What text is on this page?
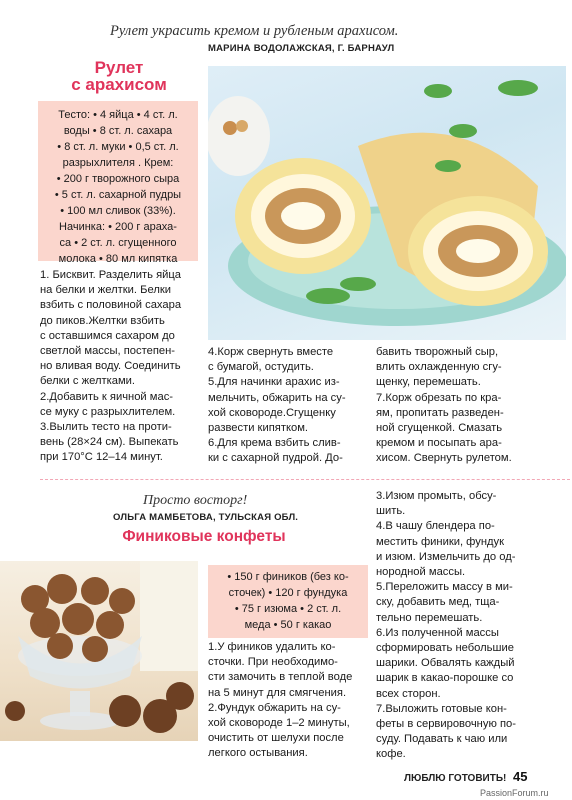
Рулет украсить кремом и рубленым арахисом.
МАРИНА ВОДОЛАЖСКАЯ, Г. БАРНАУЛ
Рулет
с арахисом
Тесто: • 4 яйца • 4 ст. л.
воды • 8 ст. л. сахара
• 8 ст. л. муки • 0,5 ст. л.
разрыхлителя . Крем:
• 200 г творожного сыра
• 5 ст. л. сахарной пудры
• 100 мл сливок (33%).
Начинка: • 200 г араха-
са • 2 ст. л. сгущенного
молока • 80 мл кипятка
1. Бисквит. Разделить яйца
на белки и желтки. Белки
взбить с половиной сахара
до пиков.Желтки взбить
с оставшимся сахаром до
светлой массы, постепен-
но вливая воду. Соединить
белки с желтками.
2.Добавить к яичной мас-
се муку с разрыхлителем.
3.Вылить тесто на проти-
вень (28×24 см). Выпекать
при 170°С 12–14 минут.
4.Корж свернуть вместе
с бумагой, остудить.
5.Для начинки арахис из-
мельчить, обжарить на су-
хой сковороде.Сгущенку
развести кипятком.
6.Для крема взбить слив-
ки с сахарной пудрой. До-
бавить творожный сыр,
влить охлажденную сгу-
щенку, перемешать.
7.Корж обрезать по кра-
ям, пропитать разведен-
ной сгущенкой. Смазать
кремом и посыпать ара-
хисом. Свернуть рулетом.
Просто восторг!
ОЛЬГА МАМБЕТОВА, ТУЛЬСКАЯ ОБЛ.
Финиковые конфеты
• 150 г фиников (без ко-
сточек) • 120 г фундука
• 75 г изюма • 2 ст. л.
меда • 50 г какао
1.У фиников удалить ко-
сточки. При необходимо-
сти замочить в теплой воде
на 5 минут для смягчения.
2.Фундук обжарить на су-
хой сковороде 1–2 минуты,
очистить от шелухи после
легкого остывания.
3.Изюм промыть, обсу-
шить.
4.В чашу блендера по-
местить финики, фундук
и изюм. Измельчить до од-
нородной массы.
5.Переложить массу в ми-
ску, добавить мед, тща-
тельно перемешать.
6.Из полученной массы
сформировать небольшие
шарики. Обвалять каждый
шарик в какао-порошке со
всех сторон.
7.Выложить готовые кон-
феты в сервировочную по-
суду. Подавать к чаю или
кофе.
ЛЮБЛЮ ГОТОВИТЬ! 45
PassionForum.ru
